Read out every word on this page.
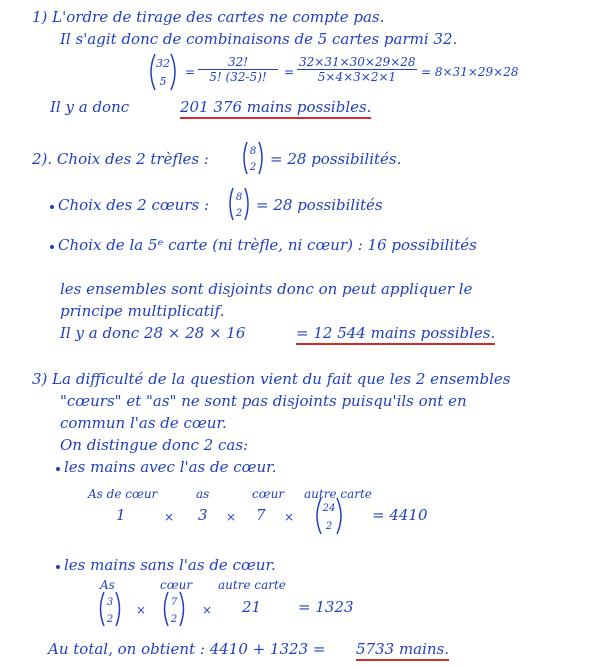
1) L'ordre de tirage des cartes ne compte pas.
Il s'agit donc de combinaisons de 5 cartes parmi 32.
32
5
= $\frac{32!}{5! (32-5)!} = \frac{32\times 31\times 30\times 29\times 28}{5\times 4\times 3\times 2\times 1} = 8\times 31\times 29\times 28$
Il y a donc	201 376 mains possibles.
2). Choix des 2 trèfles :	8
2 = 28 possibilités.
Choix des 2 cœurs :	8
2 = 28 possibilités
Choix de la 5ᵉ carte (ni trèfle, ni cœur) : 16 possibilités
les ensembles sont disjoints donc on peut appliquer le
principe multiplicatif.
Il y a donc 28 × 28 × 16	= 12 544 mains possibles.
3) La difficulté de la question vient du fait que les 2 ensembles
"cœurs" et "as" ne sont pas disjoints puisqu'ils ont en
commun l'as de cœur.
On distingue donc 2 cas:
les mains avec l'as de cœur.
As de cœur	as	cœur autre carte
1	× 3 × 7 ×
24
2
= 4410
les mains sans l'as de cœur.
As	cœur autre carte
3
2
×
7
2
× 21 = 1323
Au total, on obtient : 4410 + 1323 = 5733 mains.
